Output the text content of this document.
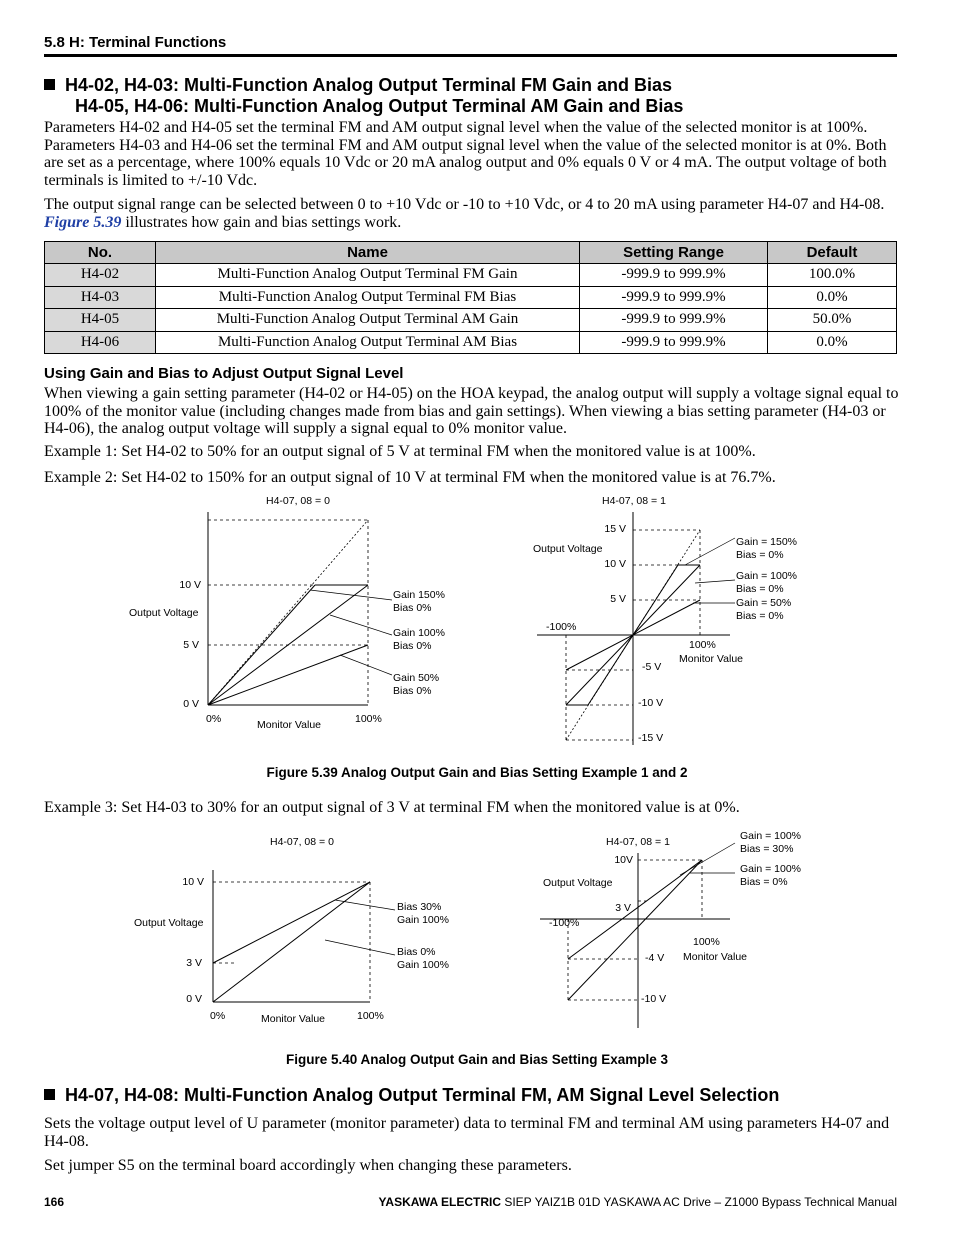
5.8 H: Terminal Functions
H4-02, H4-03: Multi-Function Analog Output Terminal FM Gain and Bias
H4-05, H4-06: Multi-Function Analog Output Terminal AM Gain and Bias
Parameters H4-02 and H4-05 set the terminal FM and AM output signal level when the value of the selected monitor is at 100%. Parameters H4-03 and H4-06 set the terminal FM and AM output signal level when the value of the selected monitor is at 0%. Both are set as a percentage, where 100% equals 10 Vdc or 20 mA analog output and 0% equals 0 V or 4 mA. The output voltage of both terminals is limited to +/-10 Vdc.
The output signal range can be selected between 0 to +10 Vdc or -10 to +10 Vdc, or 4 to 20 mA using parameter H4-07 and H4-08. Figure 5.39 illustrates how gain and bias settings work.
No.	Name	Setting Range	Default
H4-02	Multi-Function Analog Output Terminal FM Gain	-999.9 to 999.9%	100.0%
H4-03	Multi-Function Analog Output Terminal FM Bias	-999.9 to 999.9%	0.0%
H4-05	Multi-Function Analog Output Terminal AM Gain	-999.9 to 999.9%	50.0%
H4-06	Multi-Function Analog Output Terminal AM Bias	-999.9 to 999.9%	0.0%
Using Gain and Bias to Adjust Output Signal Level
When viewing a gain setting parameter (H4-02 or H4-05) on the HOA keypad, the analog output will supply a voltage signal equal to 100% of the monitor value (including changes made from bias and gain settings). When viewing a bias setting parameter (H4-03 or H4-06), the analog output voltage will supply a signal equal to 0% monitor value.
Example 1: Set H4-02 to 50% for an output signal of 5 V at terminal FM when the monitored value is at 100%.
Example 2: Set H4-02 to 150% for an output signal of 10 V at terminal FM when the monitored value is at 76.7%.
H4-07, 08 = 0
10 V
5 V
0 V
Output Voltage
0%	100%
Monitor Value
Gain 150%
Bias 0%
Gain 100%
Bias 0%
Gain 50%
Bias 0%
H4-07, 08 = 1
15 V
10 V
5 V
Output Voltage
-5 V
-10 V
-15 V
-100%
100%
Monitor Value
Gain = 150%
Bias = 0%
Gain = 100%
Bias = 0%
Gain = 50%
Bias = 0%
Figure 5.39 Analog Output Gain and Bias Setting Example 1 and 2
Example 3: Set H4-03 to 30% for an output signal of 3 V at terminal FM when the monitored value is at 0%.
H4-07, 08 = 0
10 V
3 V
0 V
Output Voltage
0%	100%
Monitor Value
Bias 30%
Gain 100%
Bias 0%
Gain 100%
H4-07, 08 = 1
10V
3 V
Output Voltage
-4 V
-10 V
-100%
100%
Monitor Value
Gain = 100%
Bias = 30%
Gain = 100%
Bias = 0%
Figure 5.40 Analog Output Gain and Bias Setting Example 3
H4-07, H4-08: Multi-Function Analog Output Terminal FM, AM Signal Level Selection
Sets the voltage output level of U parameter (monitor parameter) data to terminal FM and terminal AM using parameters H4-07 and H4-08.
Set jumper S5 on the terminal board accordingly when changing these parameters.
166	YASKAWA ELECTRIC SIEP YAIZ1B 01D YASKAWA AC Drive – Z1000 Bypass Technical Manual
